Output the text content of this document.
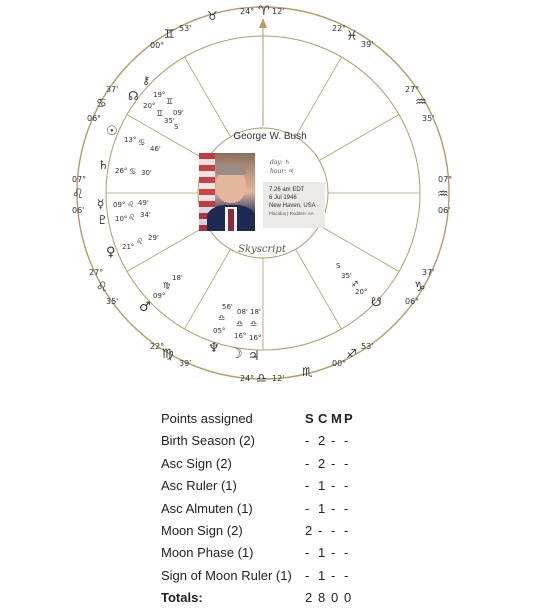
24° ♈ 12'
24° ♎ 12'
07°
♌
06'
07°
♒
06'
♉
00°
♊ 53'
06°
♋
37'
22°
♓
39'
27°
♒
35'
37'
♑
06°
53'
♐
00°
♏
22°
♍
39'
27°
♌
35'
⚷
19°
♊
09'
☊
20°
♊
35'
S
☉
13° ♋
46'
♄ 26° ♋ 30'
☿ 09° ♌ 49'
♇ 10° ♌ 34'
♀ 21°
♌ 29'
♂
09°
♍
18'
♃
16°
♎
18'
☽
16°
♎
08'
♆
05°
♎
56'	☋
20°
♐
35'
S
George W. Bush
day: ♄
hour: ♃
7.26 am EDT
6 Jul 1946
New Haven, USA
Placidus | Rodden: AA
Skyscript
Points assigned	S C M P
Birth Season (2)	- 2 - -
Asc Sign (2)	- 2 - -
Asc Ruler (1)	- 1 - -
Asc Almuten (1)	- 1 - -
Moon Sign (2)	2 - - -
Moon Phase (1)	- 1 - -
Sign of Moon Ruler (1) - 1 - -
Totals:	2 8 0 0
